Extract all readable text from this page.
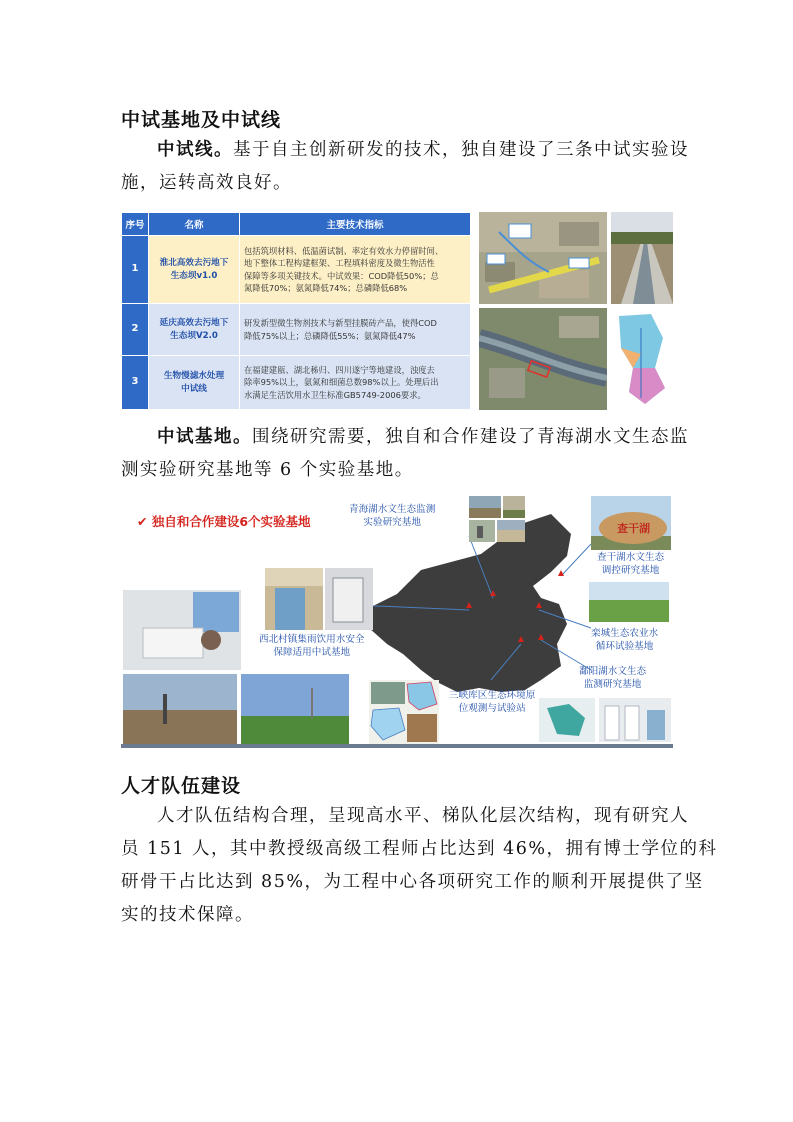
中试基地及中试线
中试线。基于自主创新研发的技术，独自建设了三条中试实验设
施，运转高效良好。
序号	名称	主要技术指标
1	淮北高效去污地下
生态坝v1.0	包括筑坝材料、低温菌试制、率定有效水力停留时间、
地下整体工程构建框架、工程填料密度及微生物活性
保障等多项关键技术。中试效果：COD降低50%；总
氮降低70%；氨氮降低74%；总磷降低68%
2	延庆高效去污地下
生态坝V2.0	研发新型微生物剂技术与新型挂膜砖产品，使得COD
降低75%以上；总磷降低55%；氨氮降低47%
3	生物慢滤水处理
中试线	在福建建瓯、湖北秭归、四川遂宁等地建设，浊度去
除率95%以上，氨氮和细菌总数98%以上。处理后出
水满足生活饮用水卫生标准GB5749-2006要求。
中试基地。围绕研究需要，独自和合作建设了青海湖水文生态监
测实验研究基地等 6 个实验基地。
✔ 独自和合作建设6个实验基地
青海湖水文生态监测
实验研究基地	查干湖
查干湖水文生态
调控研究基地
栾城生态农业水
循环试验基地
鄱阳湖水文生态
监测研究基地
三峡库区生态环境原
位观测与试验站
西北村镇集雨饮用水安全
保障适用中试基地
人才队伍建设
人才队伍结构合理，呈现高水平、梯队化层次结构，现有研究人
员 151 人，其中教授级高级工程师占比达到 46%，拥有博士学位的科
研骨干占比达到 85%，为工程中心各项研究工作的顺利开展提供了坚
实的技术保障。
